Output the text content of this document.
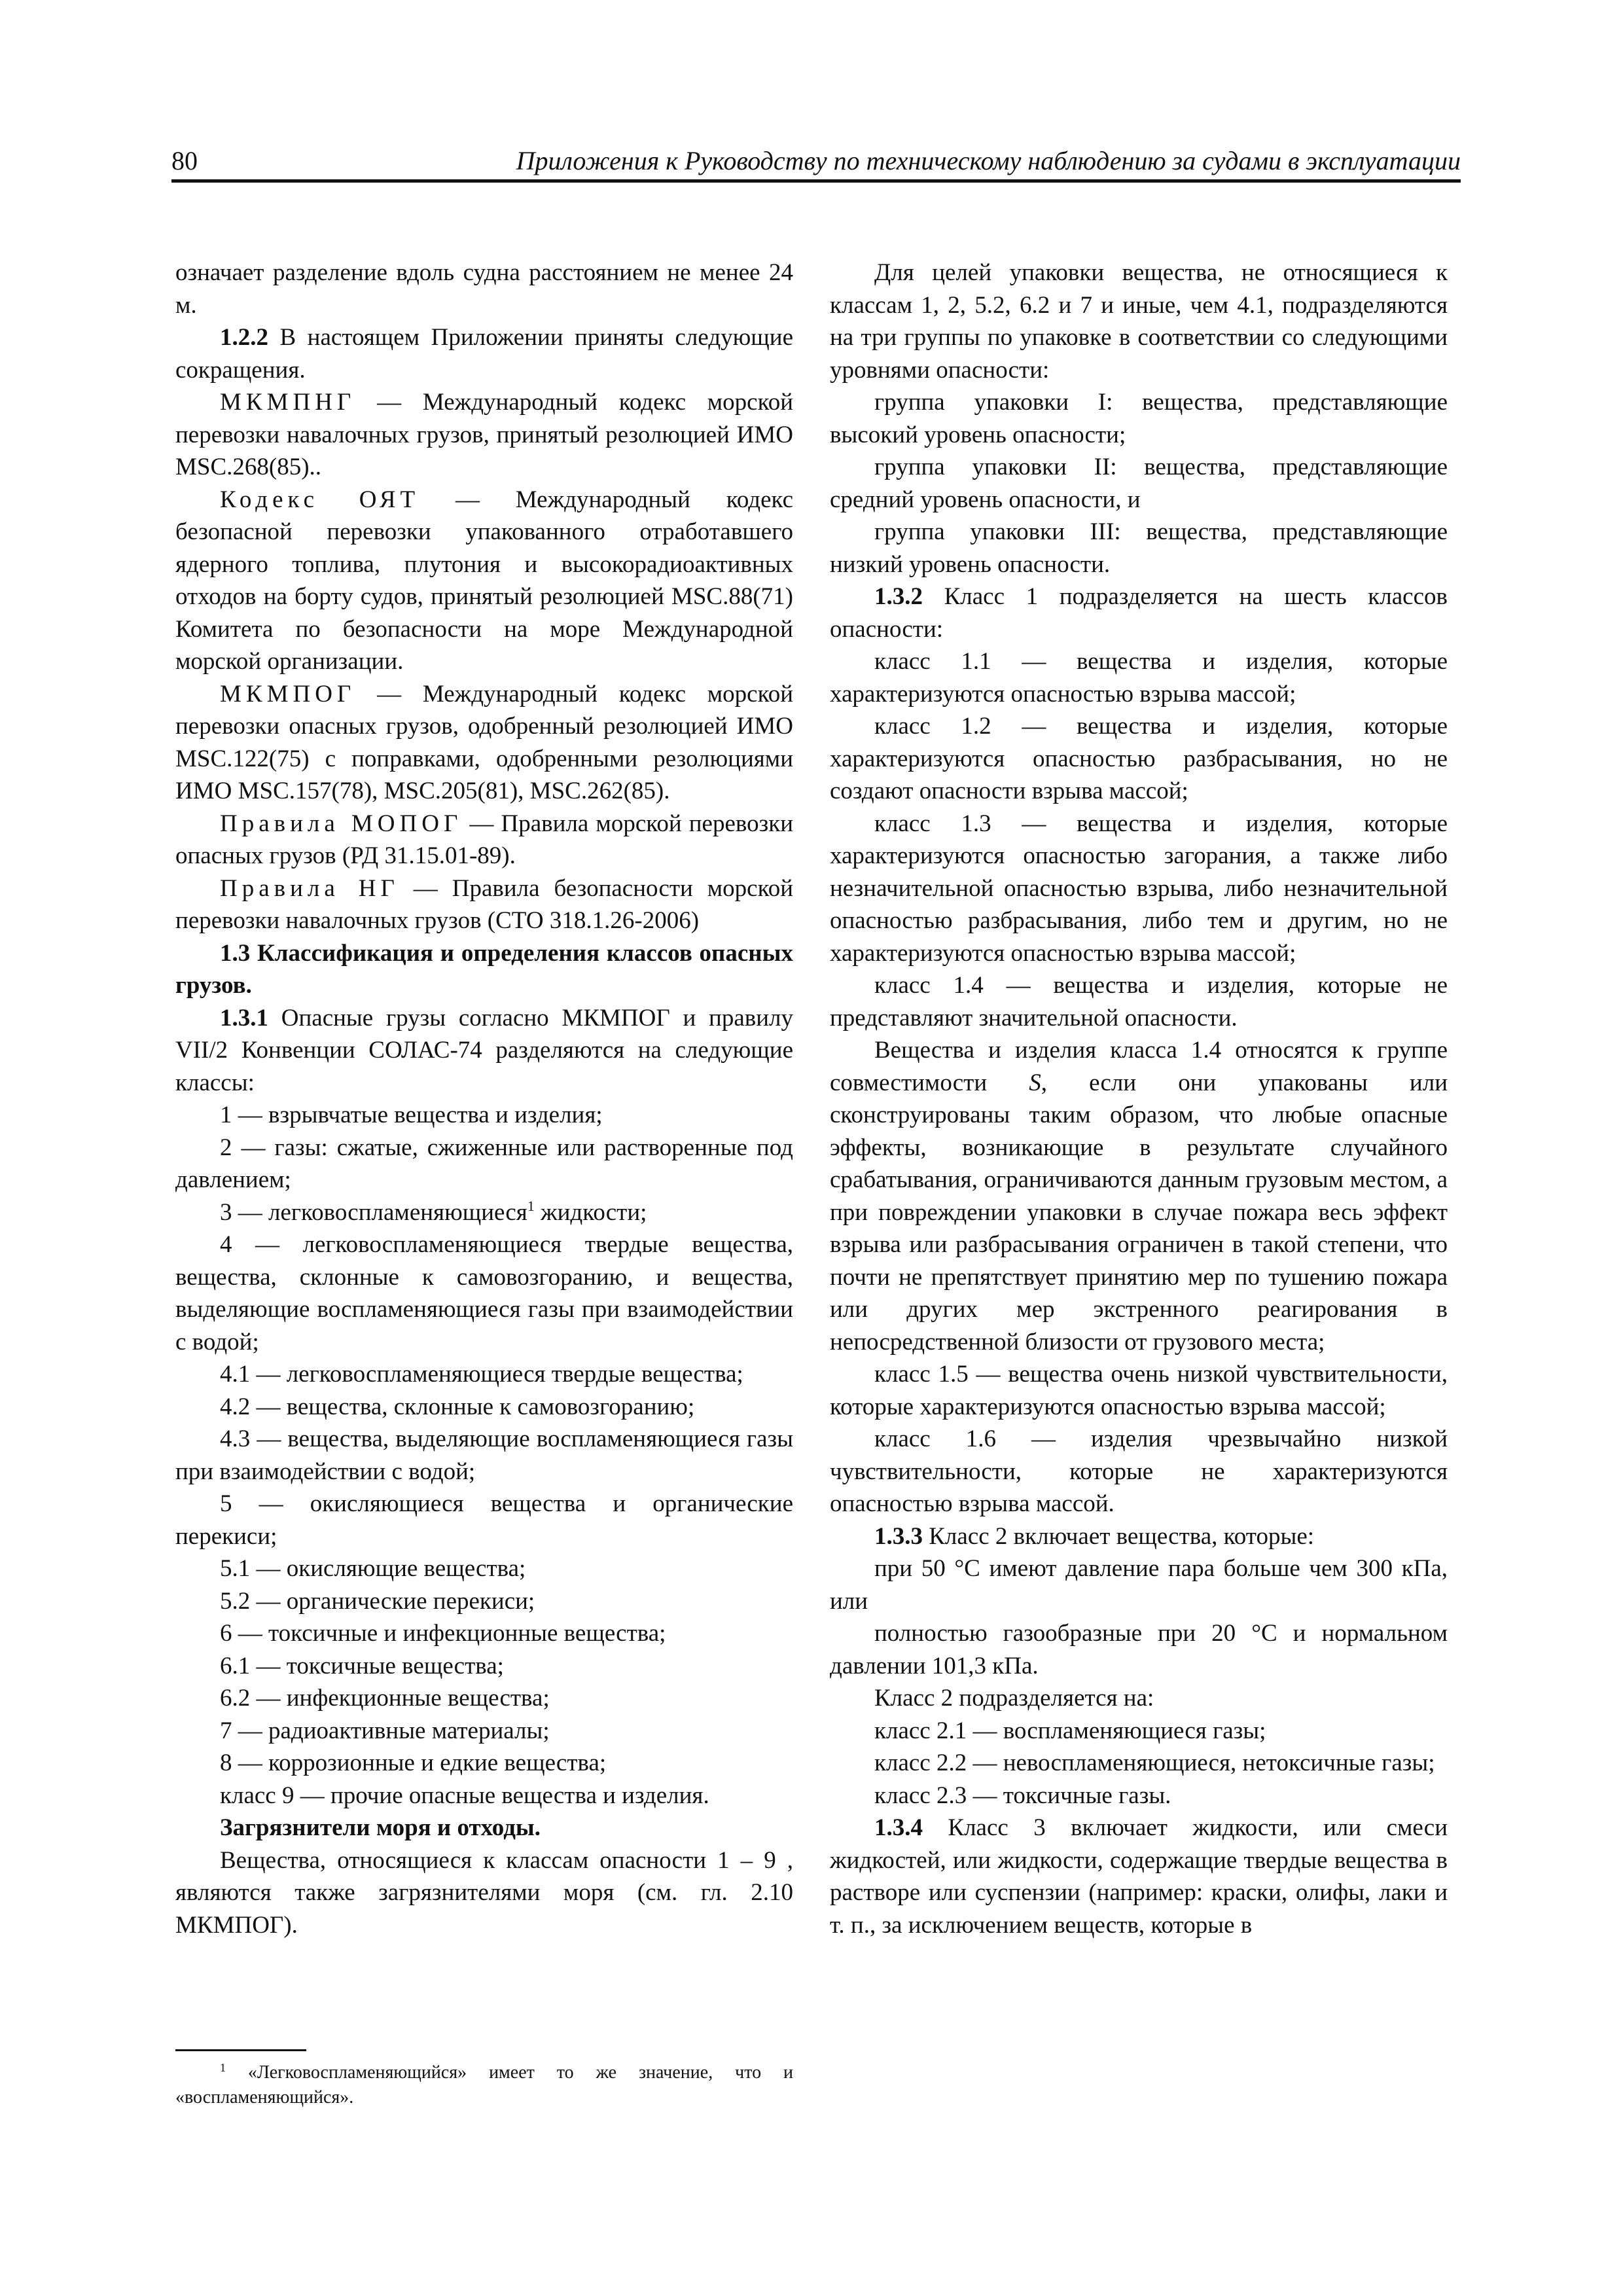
80	Приложения к Руководству по техническому наблюдению за судами в эксплуатации

означает разделение вдоль судна расстоянием не менее 24 м.

1.2.2 В настоящем Приложении приняты следующие сокращения.

МКМПНГ — Международный кодекс морской перевозки навалочных грузов, принятый резолюцией ИМО MSC.268(85)..

Кодекс ОЯТ — Международный кодекс безопасной перевозки упакованного отработавшего ядерного топлива, плутония и высокорадиоактивных отходов на борту судов, принятый резолюцией MSC.88(71) Комитета по безопасности на море Международной морской организации.

МКМПОГ — Международный кодекс морской перевозки опасных грузов, одобренный резолюцией ИМО MSC.122(75) с поправками, одобренными резолюциями ИМО MSC.157(78), MSC.205(81), MSC.262(85).

Правила МОПОГ — Правила морской перевозки опасных грузов (РД 31.15.01-89).

Правила НГ — Правила безопасности морской перевозки навалочных грузов (СТО 318.1.26-2006)

1.3 Классификация и определения классов опасных грузов.

1.3.1 Опасные грузы согласно МКМПОГ и правилу VII/2 Конвенции СОЛАС-74 разделяются на следующие классы:

1 — взрывчатые вещества и изделия;

2 — газы: сжатые, сжиженные или растворенные под давлением;

3 — легковоспламеняющиеся$^1$ жидкости;

4 — легковоспламеняющиеся твердые вещества, вещества, склонные к самовозгоранию, и вещества, выделяющие воспламеняющиеся газы при взаимодействии с водой;

4.1 — легковоспламеняющиеся твердые вещества;

4.2 — вещества, склонные к самовозгоранию;

4.3 — вещества, выделяющие воспламеняющиеся газы при взаимодействии с водой;

5 — окисляющиеся вещества и органические перекиси;

5.1 — окисляющие вещества;

5.2 — органические перекиси;

6 — токсичные и инфекционные вещества;

6.1 — токсичные вещества;

6.2 — инфекционные вещества;

7 — радиоактивные материалы;

8 — коррозионные и едкие вещества;

класс 9 — прочие опасные вещества и изделия.

Загрязнители моря и отходы.

Вещества, относящиеся к классам опасности 1 – 9 , являются также загрязнителями моря (см. гл. 2.10 МКМПОГ).

$^1$ «Легковоспламеняющийся» имеет то же значение, что и «воспламеняющийся».

Для целей упаковки вещества, не относящиеся к классам 1, 2, 5.2, 6.2 и 7 и иные, чем 4.1, подразделяются на три группы по упаковке в соответствии со следующими уровнями опасности:

группа упаковки I: вещества, представляющие высокий уровень опасности;

группа упаковки II: вещества, представляющие средний уровень опасности, и

группа упаковки III: вещества, представляющие низкий уровень опасности.

1.3.2 Класс 1 подразделяется на шесть классов опасности:

класс 1.1 — вещества и изделия, которые характеризуются опасностью взрыва массой;

класс 1.2 — вещества и изделия, которые характеризуются опасностью разбрасывания, но не создают опасности взрыва массой;

класс 1.3 — вещества и изделия, которые характеризуются опасностью загорания, а также либо незначительной опасностью взрыва, либо незначительной опасностью разбрасывания, либо тем и другим, но не характеризуются опасностью взрыва массой;

класс 1.4 — вещества и изделия, которые не представляют значительной опасности.

Вещества и изделия класса 1.4 относятся к группе совместимости S, если они упакованы или сконструированы таким образом, что любые опасные эффекты, возникающие в результате случайного срабатывания, ограничиваются данным грузовым местом, а при повреждении упаковки в случае пожара весь эффект взрыва или разбрасывания ограничен в такой степени, что почти не препятствует принятию мер по тушению пожара или других мер экстренного реагирования в непосредственной близости от грузового места;

класс 1.5 — вещества очень низкой чувствительности, которые характеризуются опасностью взрыва массой;

класс 1.6 — изделия чрезвычайно низкой чувствительности, которые не характеризуются опасностью взрыва массой.

1.3.3 Класс 2 включает вещества, которые:

при 50 °С имеют давление пара больше чем 300 кПа, или

полностью газообразные при 20 °С и нормальном давлении 101,3 кПа.

Класс 2 подразделяется на:

класс 2.1 — воспламеняющиеся газы;

класс 2.2 — невоспламеняющиеся, нетоксичные газы;

класс 2.3 — токсичные газы.

1.3.4 Класс 3 включает жидкости, или смеси жидкостей, или жидкости, содержащие твердые вещества в растворе или суспензии (например: краски, олифы, лаки и т. п., за исключением веществ, которые в
